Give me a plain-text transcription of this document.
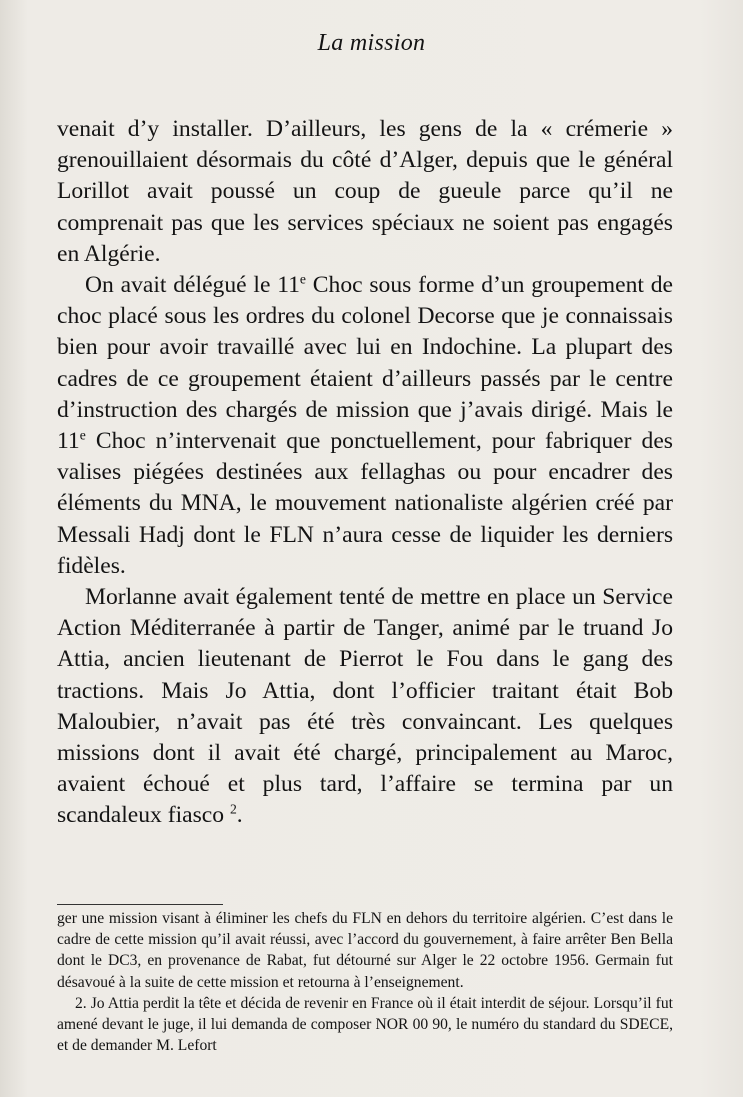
La mission

venait d’y installer. D’ailleurs, les gens de la « crémerie » grenouillaient désormais du côté d’Alger, depuis que le général Lorillot avait poussé un coup de gueule parce qu’il ne comprenait pas que les services spéciaux ne soient pas engagés en Algérie.

On avait délégué le 11e Choc sous forme d’un groupement de choc placé sous les ordres du colonel Decorse que je connaissais bien pour avoir travaillé avec lui en Indochine. La plupart des cadres de ce groupement étaient d’ailleurs passés par le centre d’instruction des chargés de mission que j’avais dirigé. Mais le 11e Choc n’intervenait que ponctuellement, pour fabriquer des valises piégées destinées aux fellaghas ou pour encadrer des éléments du MNA, le mouvement nationaliste algérien créé par Messali Hadj dont le FLN n’aura cesse de liquider les derniers fidèles.

Morlanne avait également tenté de mettre en place un Service Action Méditerranée à partir de Tanger, animé par le truand Jo Attia, ancien lieutenant de Pierrot le Fou dans le gang des tractions. Mais Jo Attia, dont l’officier traitant était Bob Maloubier, n’avait pas été très convaincant. Les quelques missions dont il avait été chargé, principalement au Maroc, avaient échoué et plus tard, l’affaire se termina par un scandaleux fiasco $^2$.

ger une mission visant à éliminer les chefs du FLN en dehors du territoire algérien. C’est dans le cadre de cette mission qu’il avait réussi, avec l’accord du gouvernement, à faire arrêter Ben Bella dont le DC3, en provenance de Rabat, fut détourné sur Alger le 22 octobre 1956. Germain fut désavoué à la suite de cette mission et retourna à l’enseignement.

2. Jo Attia perdit la tête et décida de revenir en France où il était interdit de séjour. Lorsqu’il fut amené devant le juge, il lui demanda de composer NOR 00 90, le numéro du standard du SDECE, et de demander M. Lefort
